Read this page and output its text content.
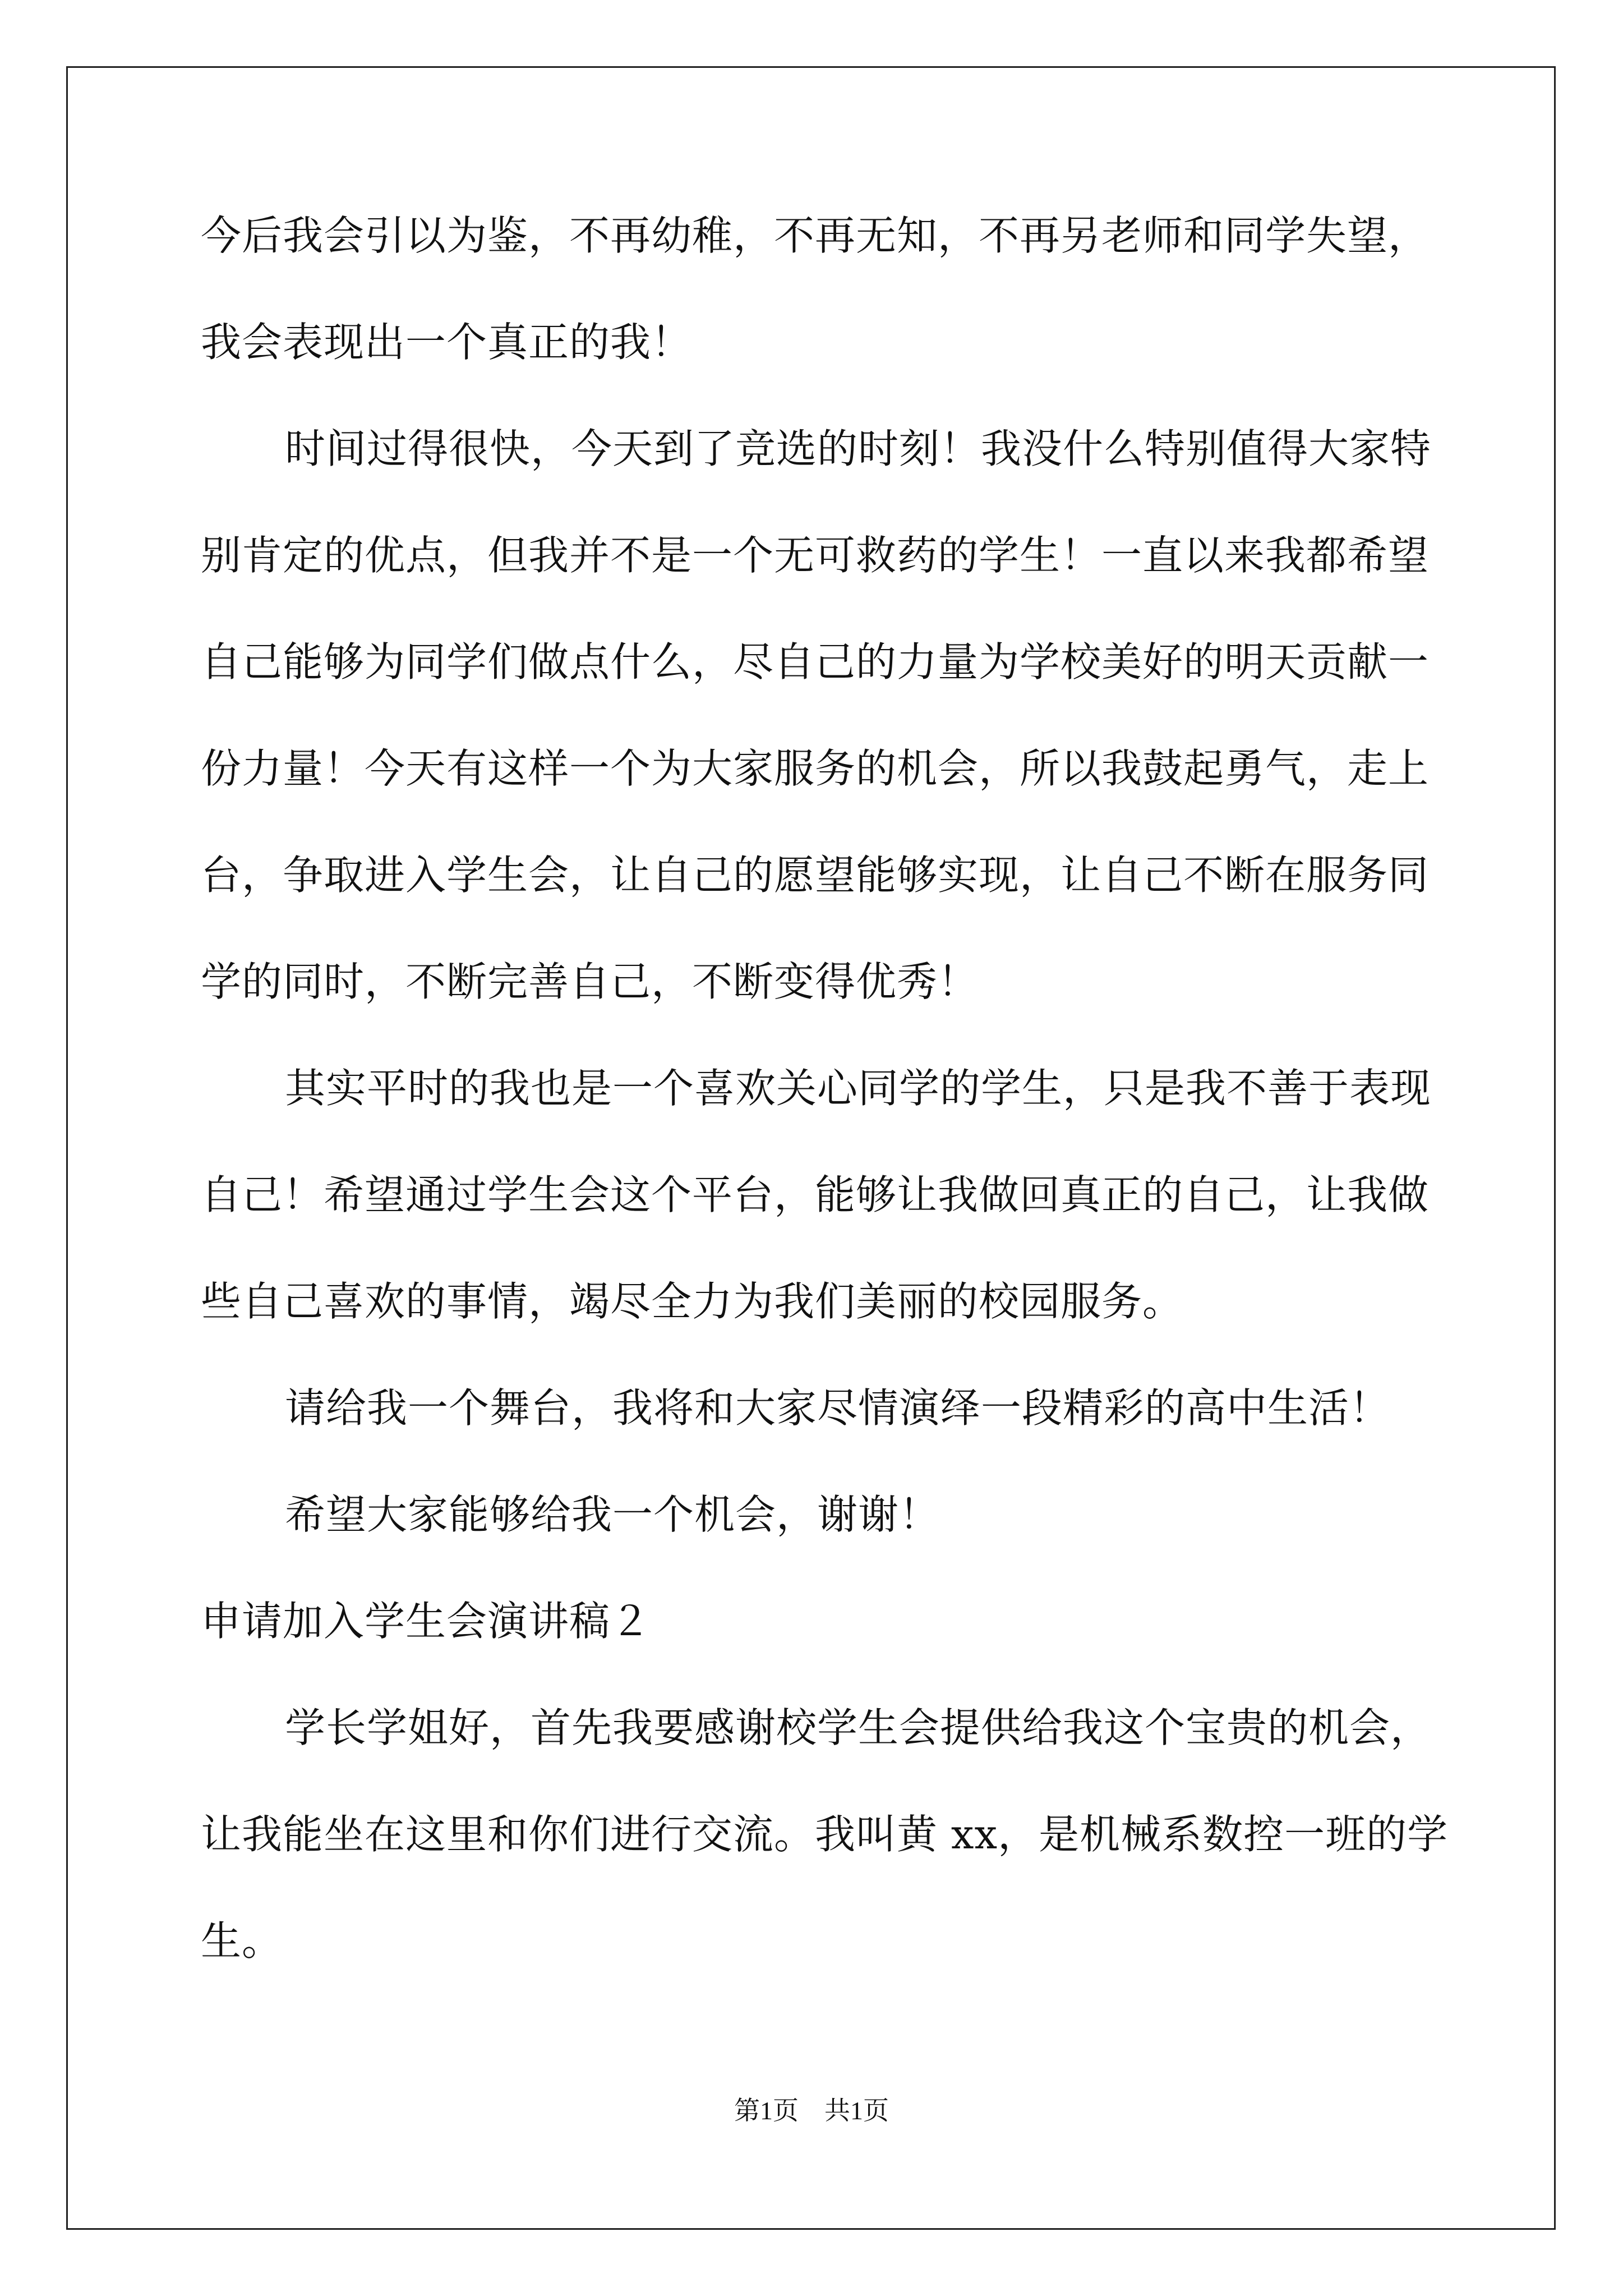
今后我会引以为鉴，不再幼稚，不再无知，不再另老师和同学失望，
我会表现出一个真正的我！
时间过得很快，今天到了竞选的时刻！我没什么特别值得大家特
别肯定的优点，但我并不是一个无可救药的学生！一直以来我都希望
自己能够为同学们做点什么，尽自己的力量为学校美好的明天贡献一
份力量！今天有这样一个为大家服务的机会，所以我鼓起勇气，走上
台，争取进入学生会，让自己的愿望能够实现，让自己不断在服务同
学的同时，不断完善自己，不断变得优秀！
其实平时的我也是一个喜欢关心同学的学生，只是我不善于表现
自己！希望通过学生会这个平台，能够让我做回真正的自己，让我做
些自己喜欢的事情，竭尽全力为我们美丽的校园服务。
请给我一个舞台，我将和大家尽情演绎一段精彩的高中生活！
希望大家能够给我一个机会，谢谢！
申请加入学生会演讲稿２
学长学姐好，首先我要感谢校学生会提供给我这个宝贵的机会，
让我能坐在这里和你们进行交流。我叫黄 xx，是机械系数控一班的学
生。
第1页　共1页
